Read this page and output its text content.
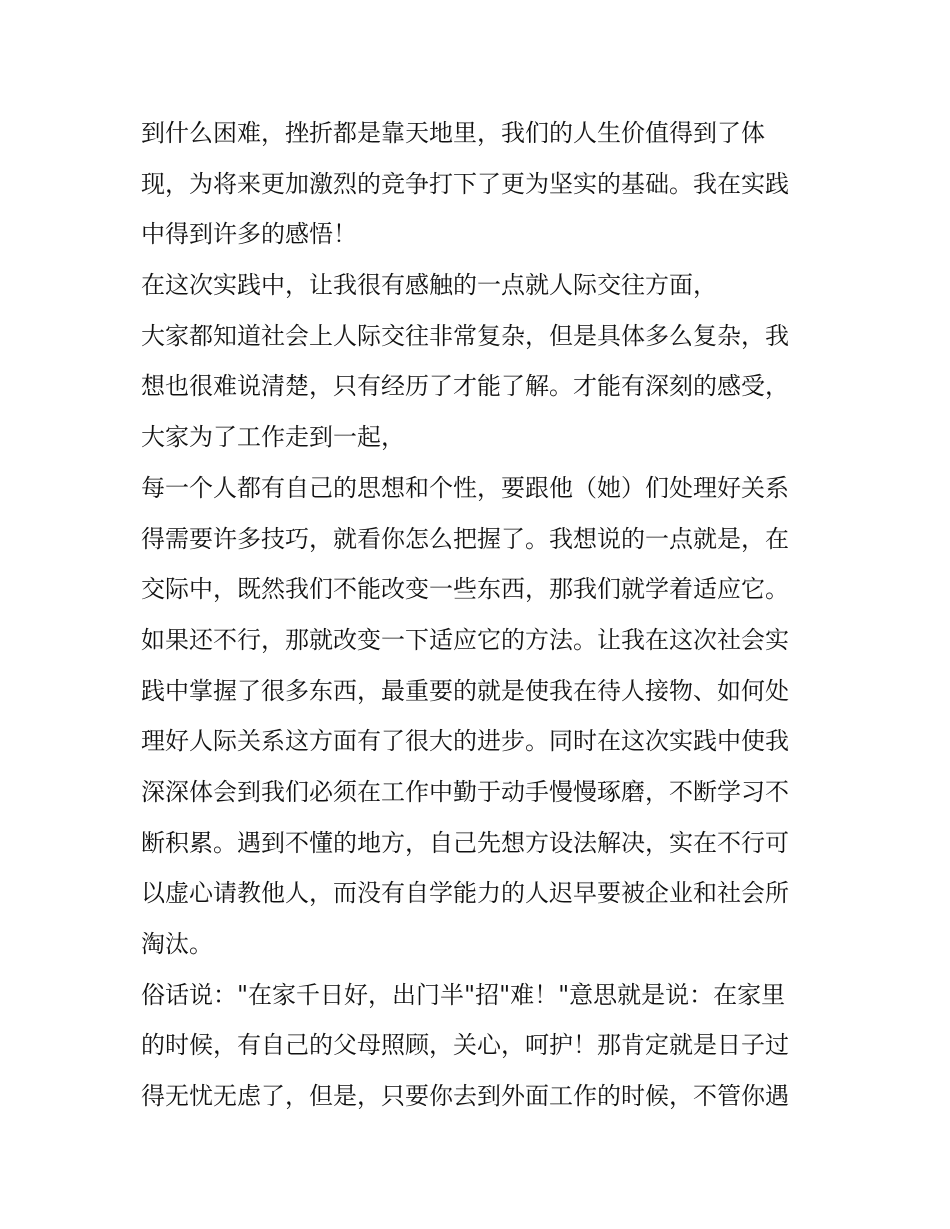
到什么困难，挫折都是靠天地里，我们的人生价值得到了体
现，为将来更加激烈的竞争打下了更为坚实的基础。我在实践
中得到许多的感悟！
在这次实践中，让我很有感触的一点就人际交往方面，
大家都知道社会上人际交往非常复杂，但是具体多么复杂，我
想也很难说清楚，只有经历了才能了解。才能有深刻的感受，
大家为了工作走到一起，
每一个人都有自己的思想和个性，要跟他（她）们处理好关系
得需要许多技巧，就看你怎么把握了。我想说的一点就是，在
交际中，既然我们不能改变一些东西，那我们就学着适应它。
如果还不行，那就改变一下适应它的方法。让我在这次社会实
践中掌握了很多东西，最重要的就是使我在待人接物、如何处
理好人际关系这方面有了很大的进步。同时在这次实践中使我
深深体会到我们必须在工作中勤于动手慢慢琢磨，不断学习不
断积累。遇到不懂的地方，自己先想方设法解决，实在不行可
以虚心请教他人，而没有自学能力的人迟早要被企业和社会所
淘汰。
俗话说："在家千日好，出门半"招"难！"意思就是说：在家里
的时候，有自己的父母照顾，关心，呵护！那肯定就是日子过
得无忧无虑了，但是，只要你去到外面工作的时候，不管你遇
